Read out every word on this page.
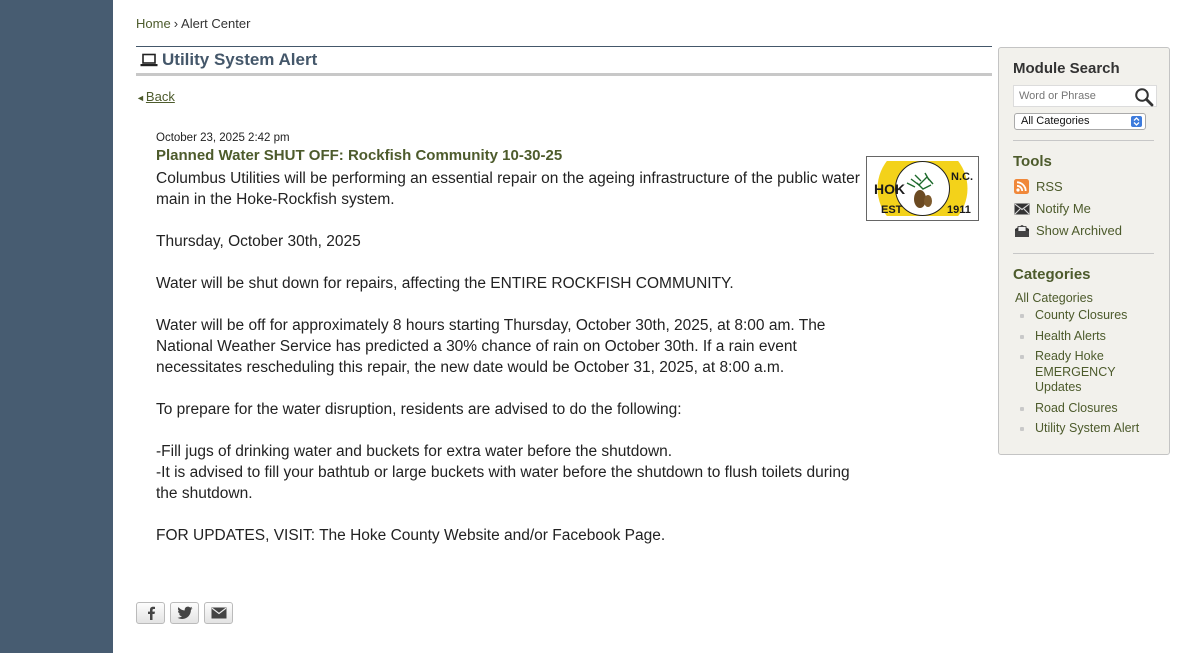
Home › Alert Center
Utility System Alert
◄Back
October 23, 2025 2:42 pm
Planned Water SHUT OFF: Rockfish Community 10-30-25

Columbus Utilities will be performing an essential repair on the ageing infrastructure of the public water main in the Hoke-Rockfish system.

Thursday, October 30th, 2025

Water will be shut down for repairs, affecting the ENTIRE ROCKFISH COMMUNITY.

Water will be off for approximately 8 hours starting Thursday, October 30th, 2025, at 8:00 am. The National Weather Service has predicted a 30% chance of rain on October 30th. If a rain event necessitates rescheduling this repair, the new date would be October 31, 2025, at 8:00 a.m.

To prepare for the water disruption, residents are advised to do the following:

-Fill jugs of drinking water and buckets for extra water before the shutdown.
-It is advised to fill your bathtub or large buckets with water before the shutdown to flush toilets during the shutdown.

FOR UPDATES, VISIT: The Hoke County Website and/or Facebook Page.

HOK
N.C.
EST	1911
Module Search
Word or Phrase
All Categories
Tools
RSS
Notify Me
Show Archived
Categories
All Categories
County Closures
Health Alerts
Ready Hoke EMERGENCY Updates
Road Closures
Utility System Alert
